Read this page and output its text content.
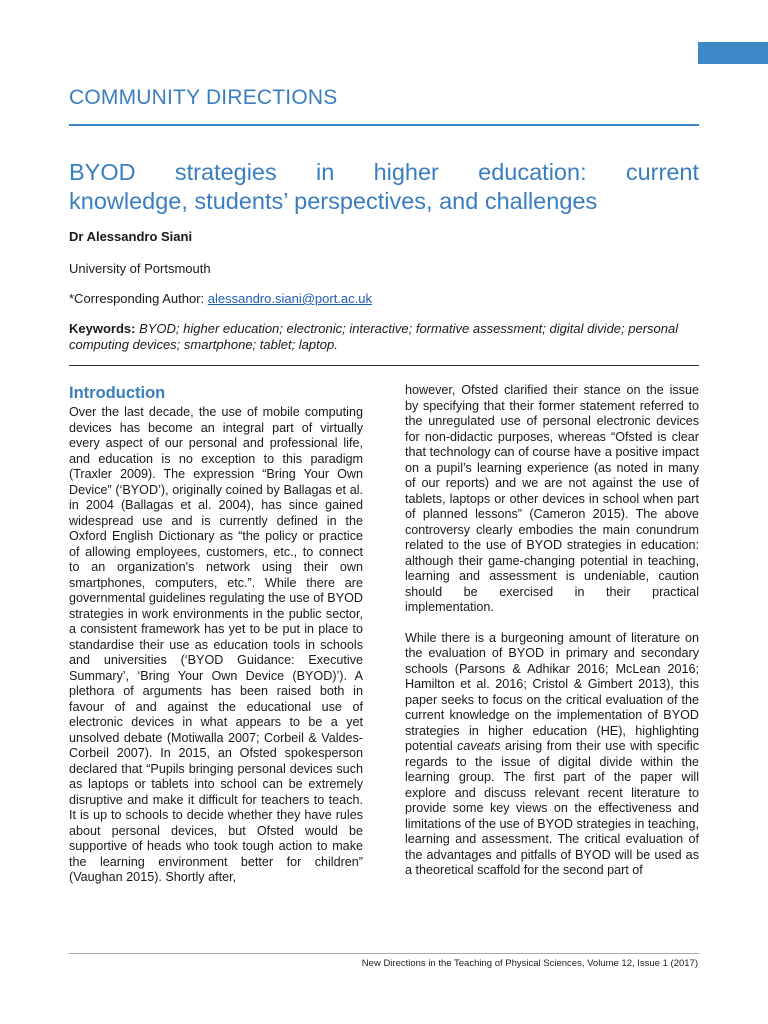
COMMUNITY DIRECTIONS
BYOD strategies in higher education: current
knowledge, students’ perspectives, and challenges
Dr Alessandro Siani
University of Portsmouth
*Corresponding Author: alessandro.siani@port.ac.uk
Keywords: BYOD; higher education; electronic; interactive; formative assessment; digital divide; personal computing devices; smartphone; tablet; laptop.
Introduction

Over the last decade, the use of mobile computing devices has become an integral part of virtually every aspect of our personal and professional life, and education is no exception to this paradigm (Traxler 2009). The expression “Bring Your Own Device” (‘BYOD’), originally coined by Ballagas et al. in 2004 (Ballagas et al. 2004), has since gained widespread use and is currently defined in the Oxford English Dictionary as “the policy or practice of allowing employees, customers, etc., to connect to an organization's network using their own smartphones, computers, etc.”. While there are governmental guidelines regulating the use of BYOD strategies in work environments in the public sector, a consistent framework has yet to be put in place to standardise their use as education tools in schools and universities (‘BYOD Guidance: Executive Summary’, ‘Bring Your Own Device (BYOD)’). A plethora of arguments has been raised both in favour of and against the educational use of electronic devices in what appears to be a yet unsolved debate (Motiwalla 2007; Corbeil & Valdes-Corbeil 2007). In 2015, an Ofsted spokesperson declared that “Pupils bringing personal devices such as laptops or tablets into school can be extremely disruptive and make it difficult for teachers to teach. It is up to schools to decide whether they have rules about personal devices, but Ofsted would be supportive of heads who took tough action to make the learning environment better for children” (Vaughan 2015). Shortly after,

however, Ofsted clarified their stance on the issue by specifying that their former statement referred to the unregulated use of personal electronic devices for non-didactic purposes, whereas “Ofsted is clear that technology can of course have a positive impact on a pupil’s learning experience (as noted in many of our reports) and we are not against the use of tablets, laptops or other devices in school when part of planned lessons” (Cameron 2015). The above controversy clearly embodies the main conundrum related to the use of BYOD strategies in education: although their game-changing potential in teaching, learning and assessment is undeniable, caution should be exercised in their practical implementation.

While there is a burgeoning amount of literature on the evaluation of BYOD in primary and secondary schools (Parsons & Adhikar 2016; McLean 2016; Hamilton et al. 2016; Cristol & Gimbert 2013), this paper seeks to focus on the critical evaluation of the current knowledge on the implementation of BYOD strategies in higher education (HE), highlighting potential caveats arising from their use with specific regards to the issue of digital divide within the learning group. The first part of the paper will explore and discuss relevant recent literature to provide some key views on the effectiveness and limitations of the use of BYOD strategies in teaching, learning and assessment. The critical evaluation of the advantages and pitfalls of BYOD will be used as a theoretical scaffold for the second part of

New Directions in the Teaching of Physical Sciences, Volume 12, Issue 1 (2017)
